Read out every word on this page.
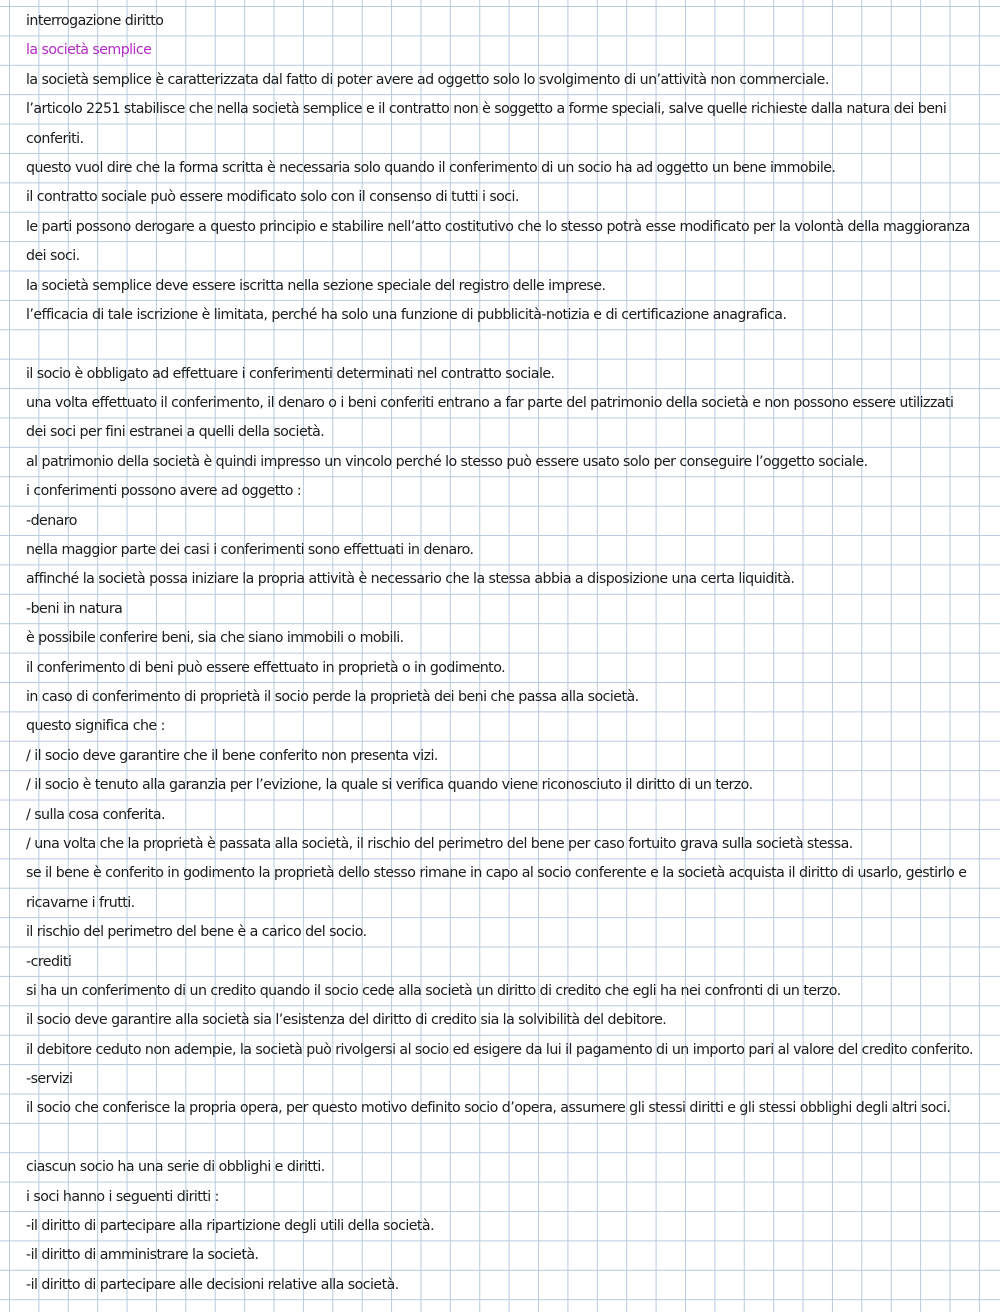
interrogazione diritto
la società semplice
la società semplice è caratterizzata dal fatto di poter avere ad oggetto solo lo svolgimento di un’attività non commerciale.
l’articolo 2251 stabilisce che nella società semplice e il contratto non è soggetto a forme speciali, salve quelle richieste dalla natura dei beni
conferiti.
questo vuol dire che la forma scritta è necessaria solo quando il conferimento di un socio ha ad oggetto un bene immobile.
il contratto sociale può essere modificato solo con il consenso di tutti i soci.
le parti possono derogare a questo principio e stabilire nell’atto costitutivo che lo stesso potrà esse modificato per la volontà della maggioranza
dei soci.
la società semplice deve essere iscritta nella sezione speciale del registro delle imprese.
l’efficacia di tale iscrizione è limitata, perché ha solo una funzione di pubblicità-notizia e di certificazione anagrafica.
il socio è obbligato ad effettuare i conferimenti determinati nel contratto sociale.
una volta effettuato il conferimento, il denaro o i beni conferiti entrano a far parte del patrimonio della società e non possono essere utilizzati
dei soci per fini estranei a quelli della società.
al patrimonio della società è quindi impresso un vincolo perché lo stesso può essere usato solo per conseguire l’oggetto sociale.
i conferimenti possono avere ad oggetto :
-denaro
nella maggior parte dei casi i conferimenti sono effettuati in denaro.
affinché la società possa iniziare la propria attività è necessario che la stessa abbia a disposizione una certa liquidità.
-beni in natura
è possibile conferire beni, sia che siano immobili o mobili.
il conferimento di beni può essere effettuato in proprietà o in godimento.
in caso di conferimento di proprietà il socio perde la proprietà dei beni che passa alla società.
questo significa che :
/ il socio deve garantire che il bene conferito non presenta vizi.
/ il socio è tenuto alla garanzia per l’evizione, la quale si verifica quando viene riconosciuto il diritto di un terzo.
/ sulla cosa conferita.
/ una volta che la proprietà è passata alla società, il rischio del perimetro del bene per caso fortuito grava sulla società stessa.
se il bene è conferito in godimento la proprietà dello stesso rimane in capo al socio conferente e la società acquista il diritto di usarlo, gestirlo e
ricavarne i frutti.
il rischio del perimetro del bene è a carico del socio.
-crediti
si ha un conferimento di un credito quando il socio cede alla società un diritto di credito che egli ha nei confronti di un terzo.
il socio deve garantire alla società sia l’esistenza del diritto di credito sia la solvibilità del debitore.
il debitore ceduto non adempie, la società può rivolgersi al socio ed esigere da lui il pagamento di un importo pari al valore del credito conferito.
-servizi
il socio che conferisce la propria opera, per questo motivo definito socio d’opera, assumere gli stessi diritti e gli stessi obblighi degli altri soci.
ciascun socio ha una serie di obblighi e diritti.
i soci hanno i seguenti diritti :
-il diritto di partecipare alla ripartizione degli utili della società.
-il diritto di amministrare la società.
-il diritto di partecipare alle decisioni relative alla società.
